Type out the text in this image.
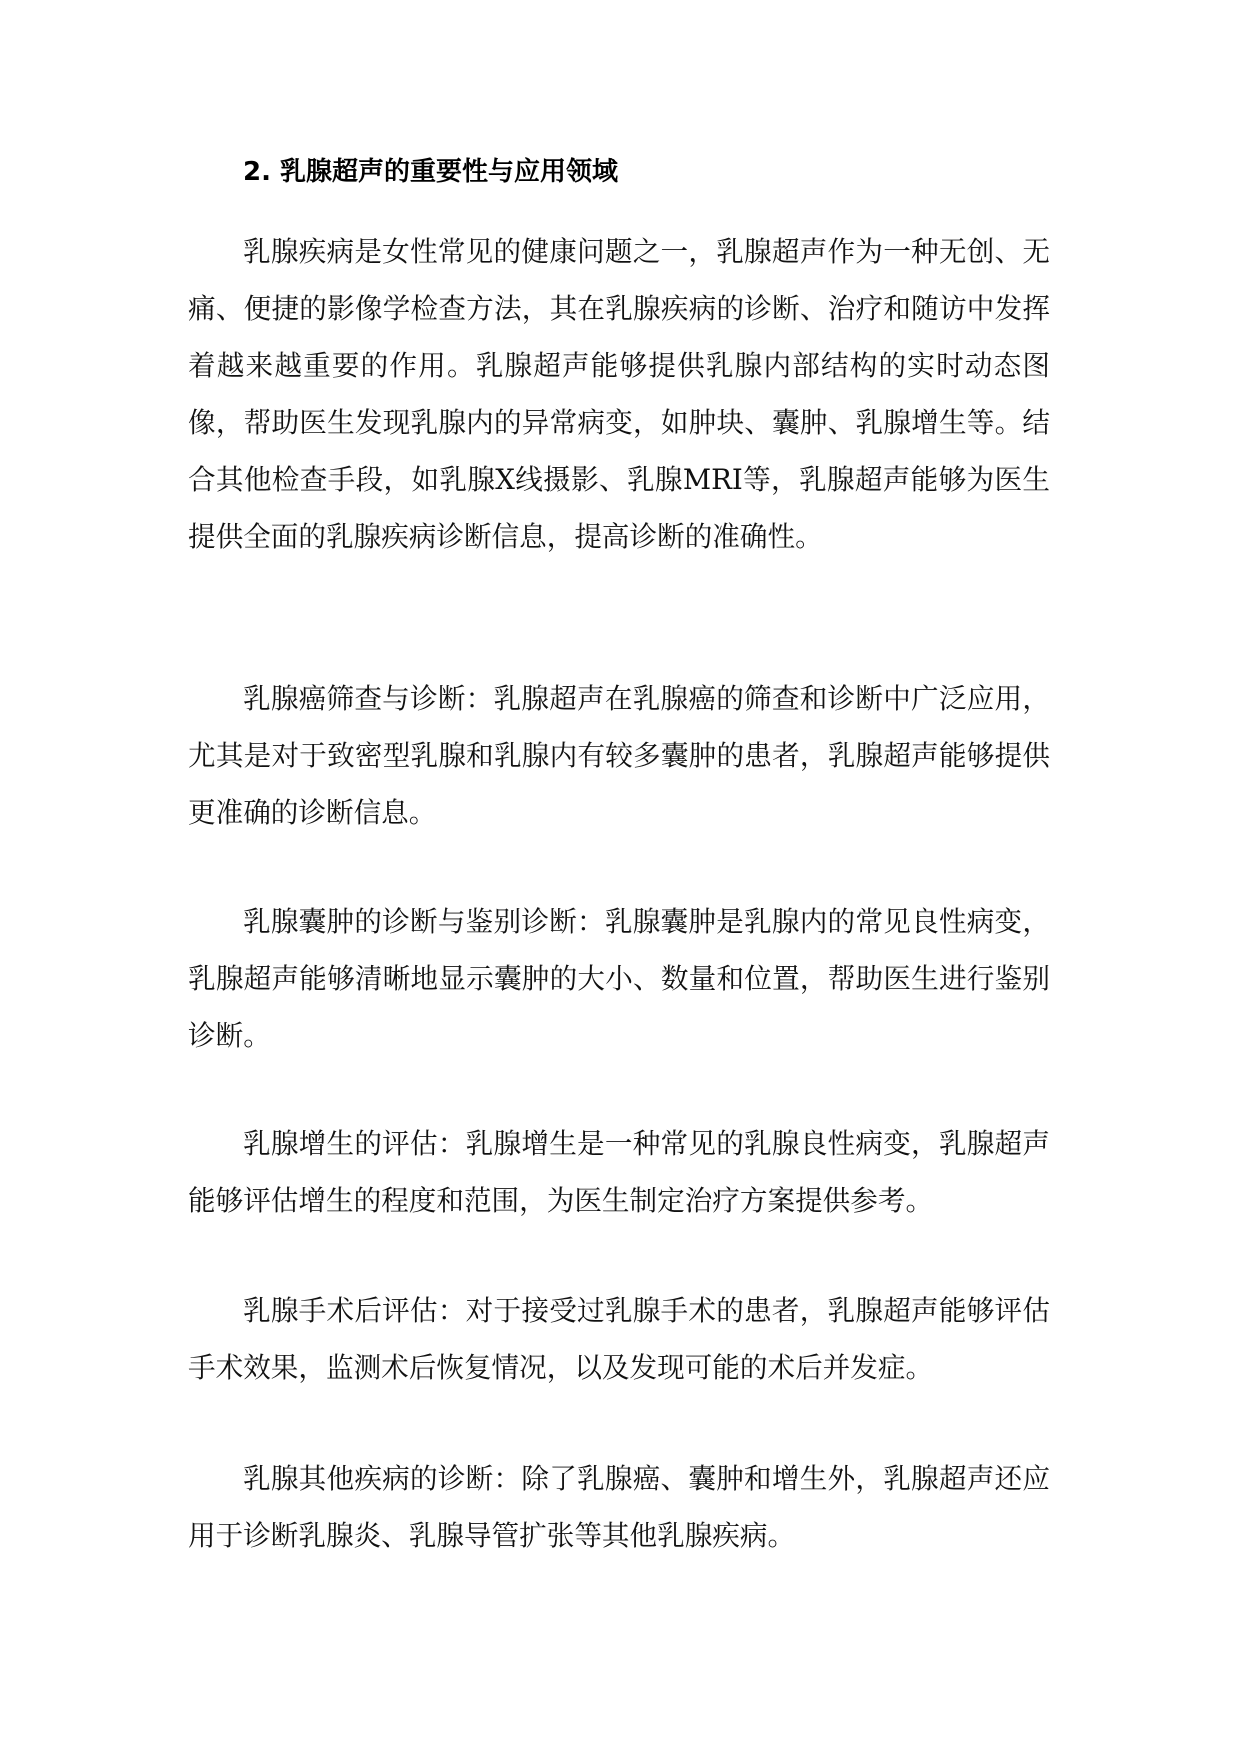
2. 乳腺超声的重要性与应用领域

乳腺疾病是女性常见的健康问题之一，乳腺超声作为一种无创、无痛、便捷的影像学检查方法，其在乳腺疾病的诊断、治疗和随访中发挥着越来越重要的作用。乳腺超声能够提供乳腺内部结构的实时动态图像，帮助医生发现乳腺内的异常病变，如肿块、囊肿、乳腺增生等。结合其他检查手段，如乳腺X线摄影、乳腺MRI等，乳腺超声能够为医生提供全面的乳腺疾病诊断信息，提高诊断的准确性。

乳腺癌筛查与诊断：乳腺超声在乳腺癌的筛查和诊断中广泛应用，尤其是对于致密型乳腺和乳腺内有较多囊肿的患者，乳腺超声能够提供更准确的诊断信息。

乳腺囊肿的诊断与鉴别诊断：乳腺囊肿是乳腺内的常见良性病变，乳腺超声能够清晰地显示囊肿的大小、数量和位置，帮助医生进行鉴别诊断。

乳腺增生的评估：乳腺增生是一种常见的乳腺良性病变，乳腺超声能够评估增生的程度和范围，为医生制定治疗方案提供参考。

乳腺手术后评估：对于接受过乳腺手术的患者，乳腺超声能够评估手术效果，监测术后恢复情况，以及发现可能的术后并发症。

乳腺其他疾病的诊断：除了乳腺癌、囊肿和增生外，乳腺超声还应用于诊断乳腺炎、乳腺导管扩张等其他乳腺疾病。
